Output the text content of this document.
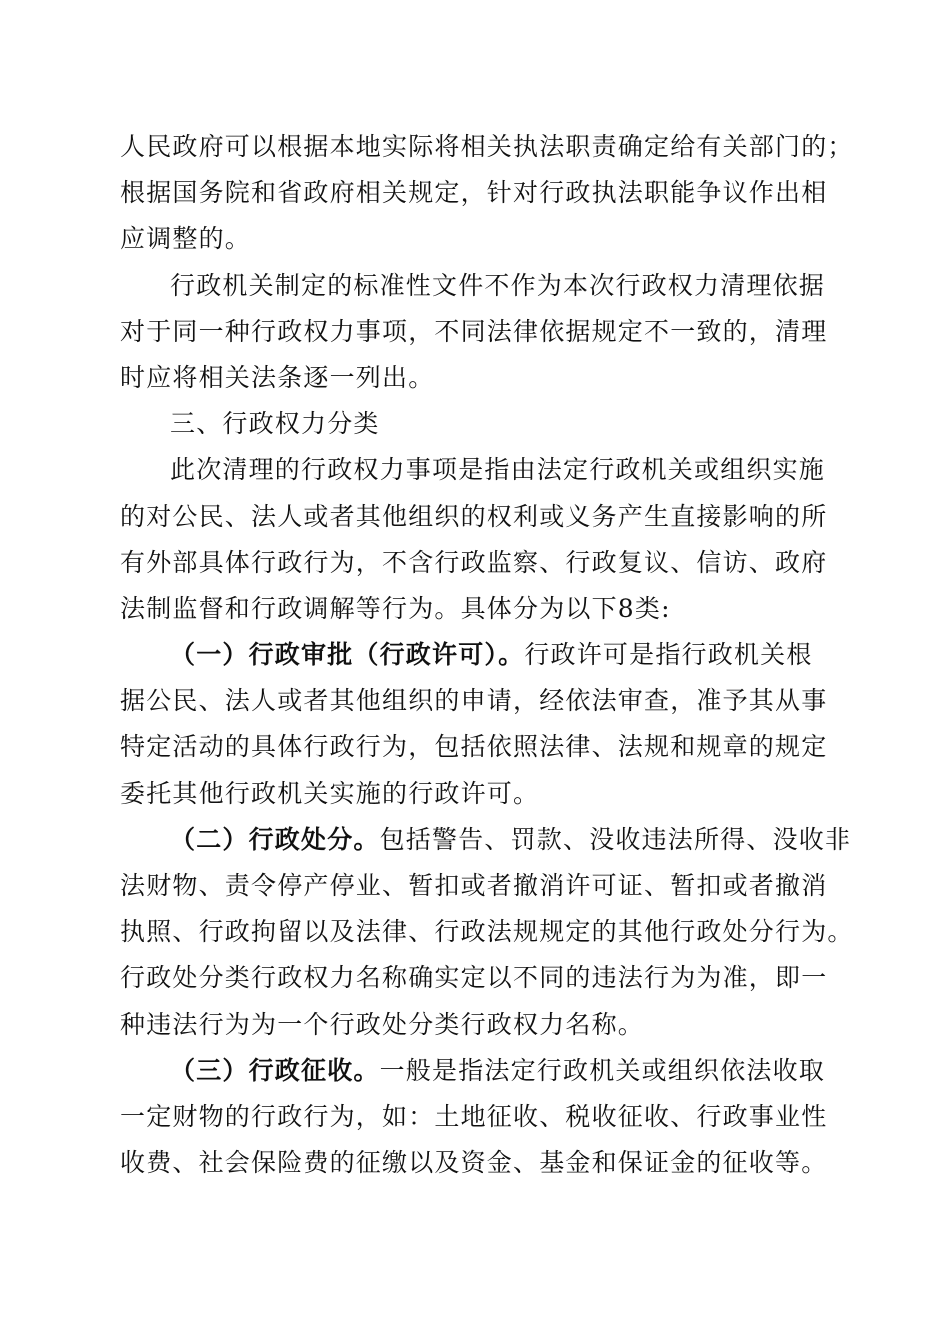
人民政府可以根据本地实际将相关执法职责确定给有关部门的；
根据国务院和省政府相关规定，针对行政执法职能争议作出相
应调整的。
行政机关制定的标准性文件不作为本次行政权力清理依据
对于同一种行政权力事项，不同法律依据规定不一致的，清理
时应将相关法条逐一列出。
三、行政权力分类
此次清理的行政权力事项是指由法定行政机关或组织实施
的对公民、法人或者其他组织的权利或义务产生直接影响的所
有外部具体行政行为，不含行政监察、行政复议、信访、政府
法制监督和行政调解等行为。具体分为以下8类:
（一）行政审批（行政许可）。行政许可是指行政机关根
据公民、法人或者其他组织的申请，经依法审查，准予其从事
特定活动的具体行政行为，包括依照法律、法规和规章的规定
委托其他行政机关实施的行政许可。
（二）行政处分。包括警告、罚款、没收违法所得、没收非
法财物、责令停产停业、暂扣或者撤消许可证、暂扣或者撤消
执照、行政拘留以及法律、行政法规规定的其他行政处分行为。
行政处分类行政权力名称确实定以不同的违法行为为准，即一
种违法行为为一个行政处分类行政权力名称。
（三）行政征收。一般是指法定行政机关或组织依法收取
一定财物的行政行为，如：土地征收、税收征收、行政事业性
收费、社会保险费的征缴以及资金、基金和保证金的征收等。
